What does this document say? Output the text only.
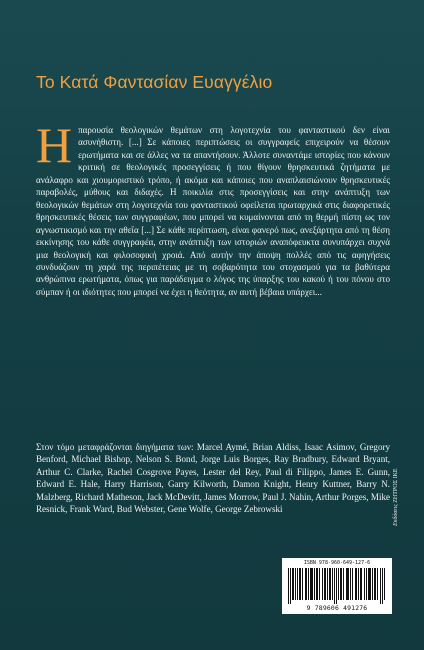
Το Κατά Φαντασίαν Ευαγγέλιο
Η παρουσία θεολογικών θεμάτων στη λογοτεχνία του φανταστικού δεν είναι ασυνήθιστη. [...] Σε κάποιες περιπτώσεις οι συγγραφείς επιχειρούν να θέσουν ερωτήματα και σε άλλες να τα απαντήσουν. Άλλοτε συναντάμε ιστορίες που κάνουν κριτική σε θεολογικές προσεγγίσεις ή που θίγουν θρησκευτικά ζητήματα με ανάλαφρο και χιουμοριστικό τρόπο, ή ακόμα και κάποιες που αναπλαισιώνουν θρησκευτικές παραβολές, μύθους και διδαχές. Η ποικιλία στις προσεγγίσεις και στην ανάπτυξη των θεολογικών θεμάτων στη λογοτεχνία του φανταστικού οφείλεται πρωταρχικά στις διαφορετικές θρησκευτικές θέσεις των συγγραφέων, που μπορεί να κυμαίνονται από τη θερμή πίστη ως τον αγνωστικισμό και την αθεΐα [...] Σε κάθε περίπτωση, είναι φανερό πως, ανεξάρτητα από τη θέση εκκίνησης του κάθε συγγραφέα, στην ανάπτυξη των ιστοριών αναπόφευκτα συνυπάρχει συχνά μια θεολογική και φιλοσοφική χροιά. Από αυτήν την άποψη πολλές από τις αφηγήσεις συνδυάζουν τη χαρά της περιπέτειας με τη σοβαρότητα του στοχασμού για τα βαθύτερα ανθρώπινα ερωτήματα, όπως για παράδειγμα ο λόγος της ύπαρξης του κακού ή του πόνου στο σύμπαν ή οι ιδιότητες που μπορεί να έχει η θεότητα, αν αυτή βέβαια υπάρχει...
Στον τόμο μεταφράζονται διηγήματα των: Marcel Aymé, Brian Aldiss, Isaac Asimov, Gregory Benford, Michael Bishop, Nelson S. Bond, Jorge Luis Borges, Ray Bradbury, Edward Bryant, Arthur C. Clarke, Rachel Cosgrove Payes, Lester del Rey, Paul di Filippo, James E. Gunn, Edward E. Hale, Harry Harrison, Garry Kilworth, Damon Knight, Henry Kuttner, Barry N. Malzberg, Richard Matheson, Jack McDevitt, James Morrow, Paul J. Nahin, Arthur Porges, Mike Resnick, Frank Ward, Bud Webster, Gene Wolfe, George Zebrowski	Εκδόσεις ΖΗΤΡΟΣ ΙΚΕ
ISBN 978-960-649-127-6
9 789606 491276
